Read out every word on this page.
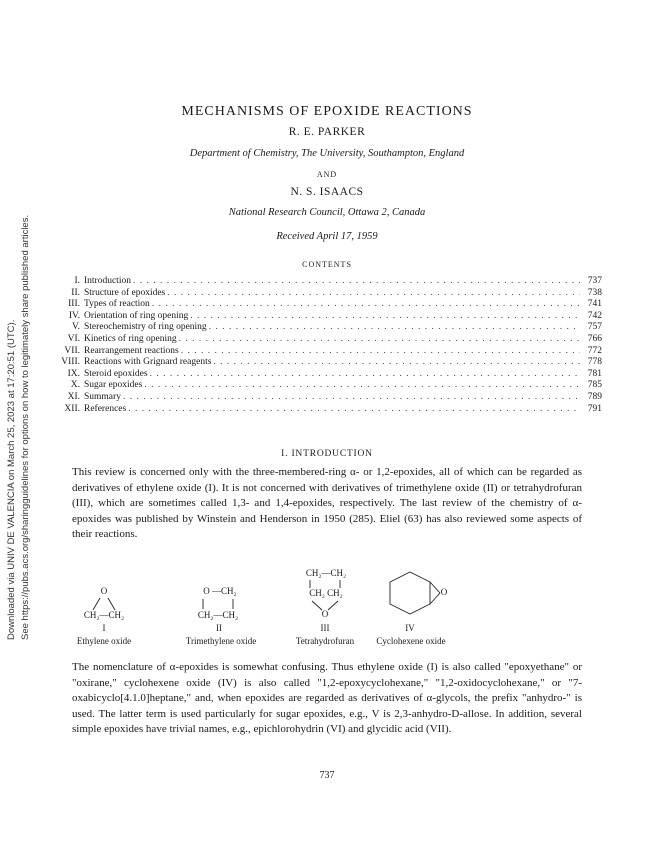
Downloaded via UNIV DE VALENCIA on March 25, 2023 at 17:20:51 (UTC). See https://pubs.acs.org/sharingguidelines for options on how to legitimately share published articles.
MECHANISMS OF EPOXIDE REACTIONS
R. E. PARKER
Department of Chemistry, The University, Southampton, England
AND
N. S. ISAACS
National Research Council, Ottawa 2, Canada
Received April 17, 1959
CONTENTS
I. Introduction . . .	737
II. Structure of epoxides . . .	738
III. Types of reaction . . .	741
IV. Orientation of ring opening . . .	742
V. Stereochemistry of ring opening . . .	757
VI. Kinetics of ring opening . . .	766
VII. Rearrangement reactions . . .	772
VIII. Reactions with Grignard reagents . . .	778
IX. Steroid epoxides . . .	781
X. Sugar epoxides . . .	785
XI. Summary . . .	789
XII. References . . .	791
I. INTRODUCTION
This review is concerned only with the three-membered-ring α- or 1,2-epoxides, all of which can be regarded as derivatives of ethylene oxide (I). It is not concerned with derivatives of trimethylene oxide (II) or tetrahydrofuran (III), which are sometimes called 1,3- and 1,4-epoxides, respectively. The last review of the chemistry of α-epoxides was published by Winstein and Henderson in 1950 (285). Eliel (63) has also reviewed some aspects of their reactions.
O
CH₂—CH₂
I
Ethylene oxide
O —CH₂
CH₂—CH₂
II
Trimethylene oxide
CH₂—CH₂
CH₂ CH₂
O
III
Tetrahydrofuran
O
IV
Cyclohexene oxide
The nomenclature of α-epoxides is somewhat confusing. Thus ethylene oxide (I) is also called "epoxyethane" or "oxirane," cyclohexene oxide (IV) is also called "1,2-epoxycyclohexane," "1,2-oxidocyclohexane," or "7-oxabicyclo[4.1.0]heptane," and, when epoxides are regarded as derivatives of α-glycols, the prefix "anhydro-" is used. The latter term is used particularly for sugar epoxides, e.g., V is 2,3-anhydro-D-allose. In addition, several simple epoxides have trivial names, e.g., epichlorohydrin (VI) and glycidic acid (VII).
737
